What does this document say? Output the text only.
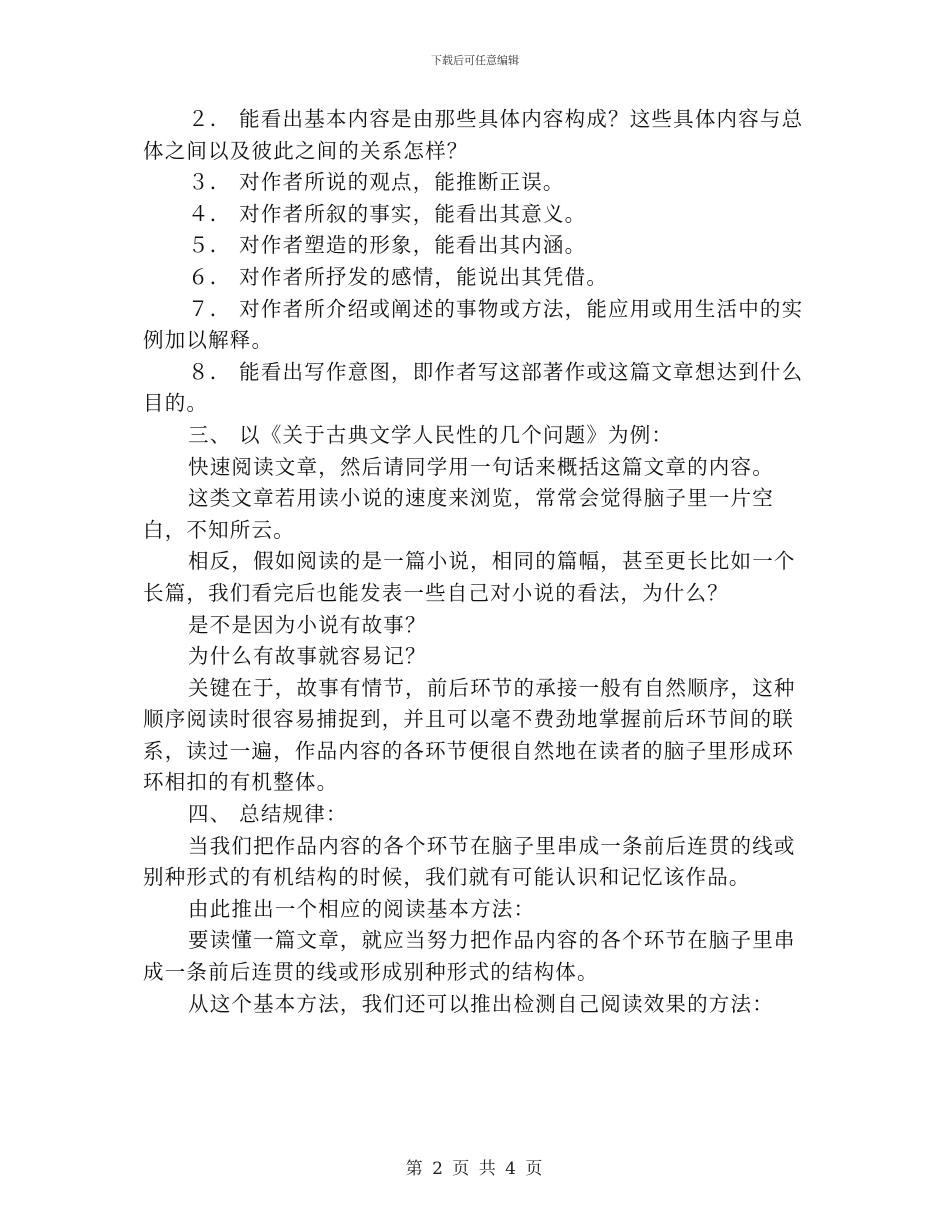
下载后可任意编辑

２． 能看出基本内容是由那些具体内容构成？这些具体内容与总体之间以及彼此之间的关系怎样？

３． 对作者所说的观点，能推断正误。

４． 对作者所叙的事实，能看出其意义。

５． 对作者塑造的形象，能看出其内涵。

６． 对作者所抒发的感情，能说出其凭借。

７． 对作者所介绍或阐述的事物或方法，能应用或用生活中的实例加以解释。

８． 能看出写作意图，即作者写这部著作或这篇文章想达到什么目的。

三、 以《关于古典文学人民性的几个问题》为例：

快速阅读文章，然后请同学用一句话来概括这篇文章的内容。

这类文章若用读小说的速度来浏览，常常会觉得脑子里一片空白，不知所云。

相反，假如阅读的是一篇小说，相同的篇幅，甚至更长比如一个长篇，我们看完后也能发表一些自己对小说的看法，为什么？

是不是因为小说有故事？

为什么有故事就容易记？

关键在于，故事有情节，前后环节的承接一般有自然顺序，这种顺序阅读时很容易捕捉到，并且可以毫不费劲地掌握前后环节间的联系，读过一遍，作品内容的各环节便很自然地在读者的脑子里形成环环相扣的有机整体。

四、 总结规律：

当我们把作品内容的各个环节在脑子里串成一条前后连贯的线或别种形式的有机结构的时候，我们就有可能认识和记忆该作品。

由此推出一个相应的阅读基本方法：

要读懂一篇文章，就应当努力把作品内容的各个环节在脑子里串成一条前后连贯的线或形成别种形式的结构体。

从这个基本方法，我们还可以推出检测自己阅读效果的方法：

第 2 页 共 4 页
